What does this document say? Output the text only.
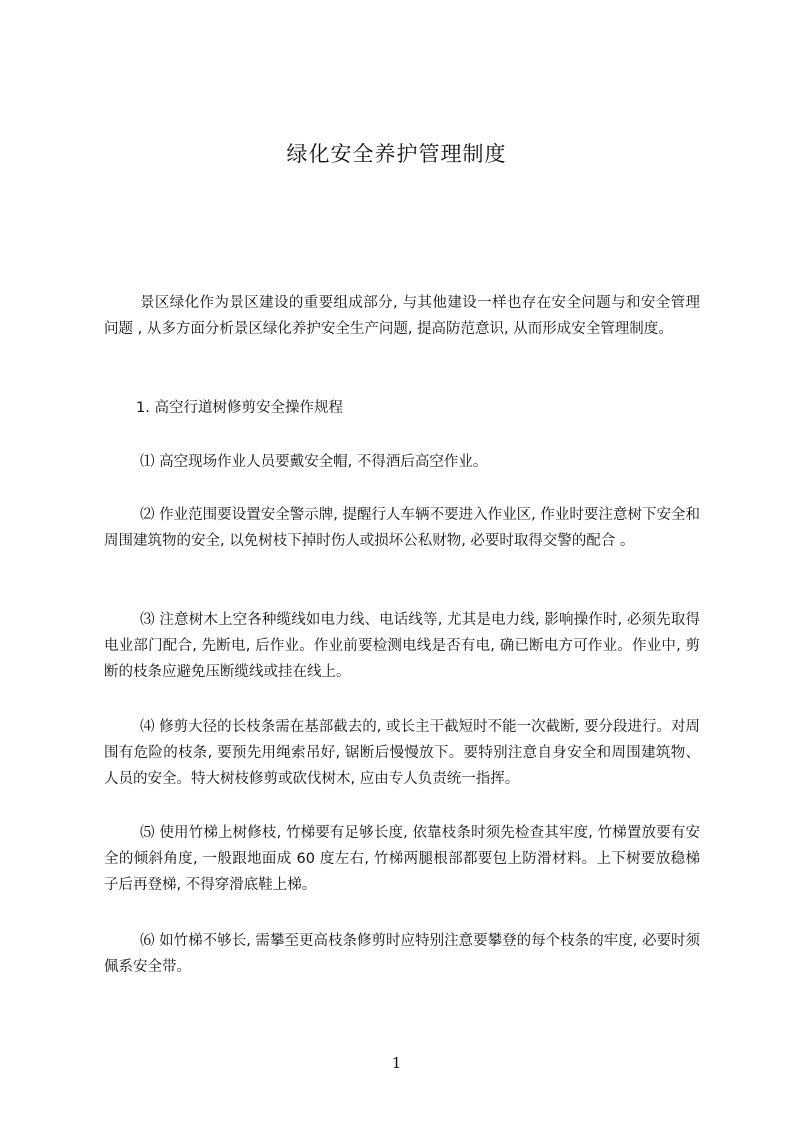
绿化安全养护管理制度

景区绿化作为景区建设的重要组成部分, 与其他建设一样也存在安全问题与和安全管理问题 , 从多方面分析景区绿化养护安全生产问题, 提高防范意识, 从而形成安全管理制度。

1. 高空行道树修剪安全操作规程

⑴ 高空现场作业人员要戴安全帽, 不得酒后高空作业。

⑵ 作业范围要设置安全警示牌, 提醒行人车辆不要进入作业区, 作业时要注意树下安全和周围建筑物的安全, 以免树枝下掉时伤人或损坏公私财物, 必要时取得交警的配合 。

⑶ 注意树木上空各种缆线如电力线、电话线等, 尤其是电力线, 影响操作时, 必须先取得电业部门配合, 先断电, 后作业。作业前要检测电线是否有电, 确已断电方可作业。作业中, 剪断的枝条应避免压断缆线或挂在线上。

⑷ 修剪大径的长枝条需在基部截去的, 或长主干截短时不能一次截断, 要分段进行。对周围有危险的枝条, 要预先用绳索吊好, 锯断后慢慢放下。要特别注意自身安全和周围建筑物、人员的安全。特大树枝修剪或砍伐树木, 应由专人负责统一指挥。

⑸ 使用竹梯上树修枝, 竹梯要有足够长度, 依靠枝条时须先检查其牢度, 竹梯置放要有安全的倾斜角度, 一般跟地面成 60 度左右, 竹梯两腿根部都要包上防滑材料。上下树要放稳梯子后再登梯, 不得穿滑底鞋上梯。

⑹ 如竹梯不够长, 需攀至更高枝条修剪时应特别注意要攀登的每个枝条的牢度, 必要时须佩系安全带。

1
